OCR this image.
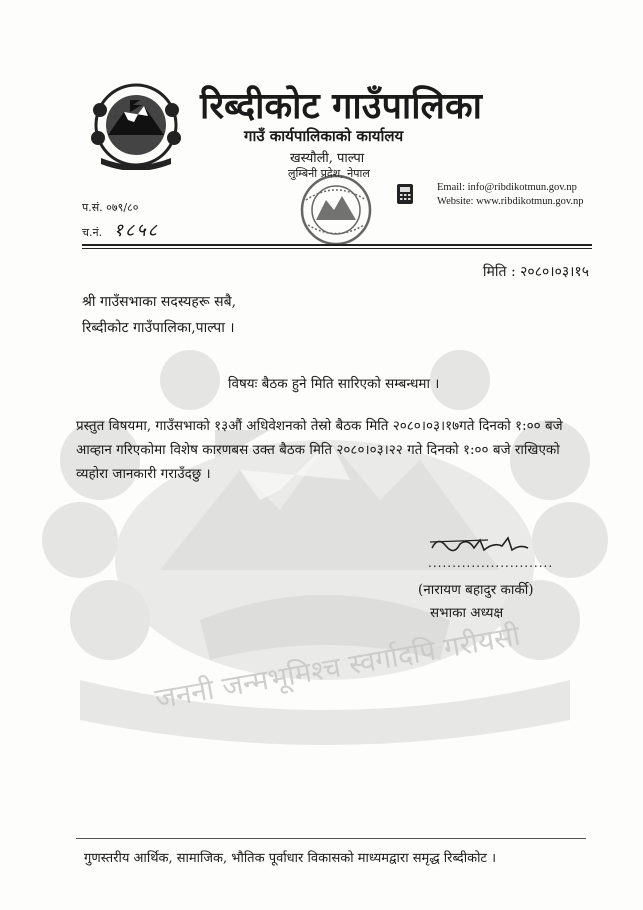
रिब्दीकोट गाउँपालिका
गाउँ कार्यपालिकाको कार्यालय
खस्यौली, पाल्पा
लुम्बिनी प्रदेश, नेपाल
Email: info@ribdikotmun.gov.np
Website: www.ribdikotmun.gov.np
प.सं. ०७९/८०
च.नं. १८५८
मिति : २०८०।०३।१५
श्री गाउँसभाका सदस्यहरू सबै,
रिब्दीकोट गाउँपालिका,पाल्पा ।
विषयः बैठक हुने मिति सारिएको सम्बन्धमा ।
प्रस्तुत विषयमा, गाउँसभाको १३औं अधिवेशनको तेस्रो बैठक मिति २०८०।०३।१७गते दिनको १:०० बजे
आव्हान गरिएकोमा विशेष कारणबस उक्त बैठक मिति २०८०।०३।२२ गते दिनको १:०० बजे राखिएको
व्यहोरा जानकारी गराउँदछु ।
..........................
(नारायण बहादुर कार्की)
सभाका अध्यक्ष
जननी जन्मभूमिश्च स्वर्गादपि गरीयसी
गुणस्तरीय आर्थिक, सामाजिक, भौतिक पूर्वाधार विकासको माध्यमद्वारा समृद्ध रिब्दीकोट ।
